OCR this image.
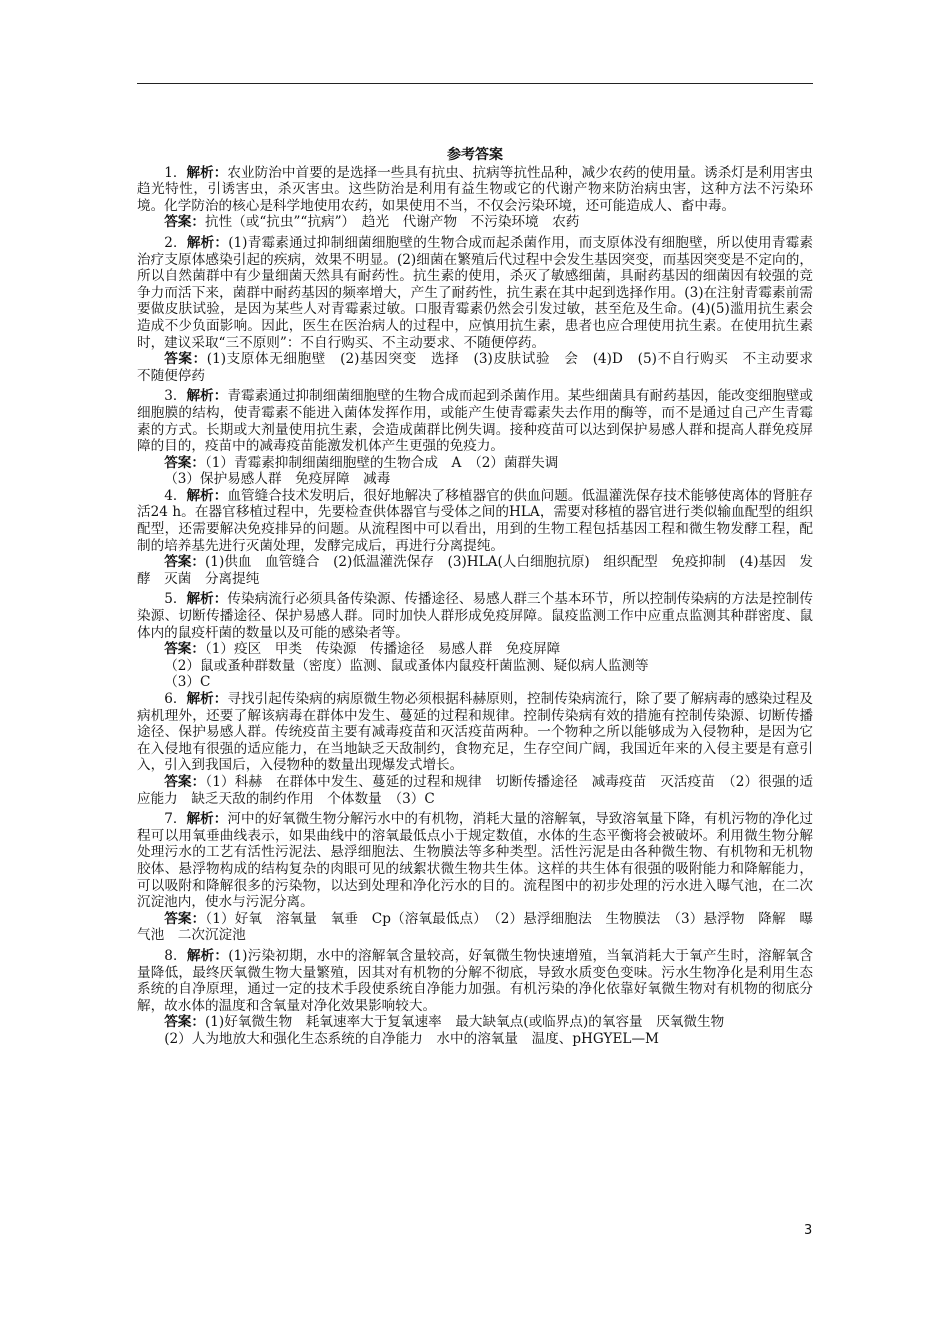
参考答案

1．解析：农业防治中首要的是选择一些具有抗虫、抗病等抗性品种，减少农药的使用量。诱杀灯是利用害虫趋光特性，引诱害虫，杀灭害虫。这些防治是利用有益生物或它的代谢产物来防治病虫害，这种方法不污染环境。化学防治的核心是科学地使用农药，如果使用不当，不仅会污染环境，还可能造成人、畜中毒。

答案：抗性（或“抗虫”“抗病”）　趋光　代谢产物　不污染环境　农药

2．解析：(1)青霉素通过抑制细菌细胞壁的生物合成而起杀菌作用，而支原体没有细胞壁，所以使用青霉素治疗支原体感染引起的疾病，效果不明显。(2)细菌在繁殖后代过程中会发生基因突变，而基因突变是不定向的，所以自然菌群中有少量细菌天然具有耐药性。抗生素的使用，杀灭了敏感细菌，具耐药基因的细菌因有较强的竞争力而活下来，菌群中耐药基因的频率增大，产生了耐药性，抗生素在其中起到选择作用。(3)在注射青霉素前需要做皮肤试验，是因为某些人对青霉素过敏。口服青霉素仍然会引发过敏，甚至危及生命。(4)(5)滥用抗生素会造成不少负面影响。因此，医生在医治病人的过程中，应慎用抗生素，患者也应合理使用抗生素。在使用抗生素时，建议采取“三不原则”：不自行购买、不主动要求、不随便停药。

答案：(1)支原体无细胞壁　(2)基因突变　选择　(3)皮肤试验　会　(4)D　(5)不自行购买　不主动要求　不随便停药

3．解析：青霉素通过抑制细菌细胞壁的生物合成而起到杀菌作用。某些细菌具有耐药基因，能改变细胞壁或细胞膜的结构，使青霉素不能进入菌体发挥作用，或能产生使青霉素失去作用的酶等，而不是通过自己产生青霉素的方式。长期或大剂量使用抗生素，会造成菌群比例失调。接种疫苗可以达到保护易感人群和提高人群免疫屏障的目的，疫苗中的减毒疫苗能激发机体产生更强的免疫力。

答案：（1）青霉素抑制细菌细胞壁的生物合成　A　（2）菌群失调

（3）保护易感人群　免疫屏障　减毒

4．解析：血管缝合技术发明后，很好地解决了移植器官的供血问题。低温灌洗保存技术能够使离体的肾脏存活24 h。在器官移植过程中，先要检查供体器官与受体之间的HLA，需要对移植的器官进行类似输血配型的组织配型，还需要解决免疫排异的问题。从流程图中可以看出，用到的生物工程包括基因工程和微生物发酵工程，配制的培养基先进行灭菌处理，发酵完成后，再进行分离提纯。

答案：(1)供血　血管缝合　(2)低温灌洗保存　(3)HLA(人白细胞抗原)　组织配型　免疫抑制　(4)基因　发酵　灭菌　分离提纯

5．解析：传染病流行必须具备传染源、传播途径、易感人群三个基本环节，所以控制传染病的方法是控制传染源、切断传播途径、保护易感人群。同时加快人群形成免疫屏障。鼠疫监测工作中应重点监测其种群密度、鼠体内的鼠疫杆菌的数量以及可能的感染者等。

答案：（1）疫区　甲类　传染源　传播途径　易感人群　免疫屏障

（2）鼠或蚤种群数量（密度）监测、鼠或蚤体内鼠疫杆菌监测、疑似病人监测等

（3）C

6．解析：寻找引起传染病的病原微生物必须根据科赫原则，控制传染病流行，除了要了解病毒的感染过程及病机理外，还要了解该病毒在群体中发生、蔓延的过程和规律。控制传染病有效的措施有控制传染源、切断传播途径、保护易感人群。传统疫苗主要有减毒疫苗和灭活疫苗两种。一个物种之所以能够成为入侵物种，是因为它在入侵地有很强的适应能力，在当地缺乏天敌制约，食物充足，生存空间广阔，我国近年来的入侵主要是有意引入，引入到我国后，入侵物种的数量出现爆发式增长。

答案：（1）科赫　在群体中发生、蔓延的过程和规律　切断传播途径　减毒疫苗　灭活疫苗　（2）很强的适应能力　缺乏天敌的制约作用　个体数量　（3）C

7．解析：河中的好氧微生物分解污水中的有机物，消耗大量的溶解氧，导致溶氧量下降，有机污物的净化过程可以用氧垂曲线表示，如果曲线中的溶氧最低点小于规定数值，水体的生态平衡将会被破坏。利用微生物分解处理污水的工艺有活性污泥法、悬浮细胞法、生物膜法等多种类型。活性污泥是由各种微生物、有机物和无机物胶体、悬浮物构成的结构复杂的肉眼可见的绒絮状微生物共生体。这样的共生体有很强的吸附能力和降解能力，可以吸附和降解很多的污染物，以达到处理和净化污水的目的。流程图中的初步处理的污水进入曝气池，在二次沉淀池内，使水与污泥分离。

答案：（1）好氧　溶氧量　氧垂　Cp（溶氧最低点）　（2）悬浮细胞法　生物膜法　（3）悬浮物　降解　曝气池　二次沉淀池

8．解析：(1)污染初期，水中的溶解氧含量较高，好氧微生物快速增殖，当氧消耗大于氧产生时，溶解氧含量降低，最终厌氧微生物大量繁殖，因其对有机物的分解不彻底，导致水质变色变味。污水生物净化是利用生态系统的自净原理，通过一定的技术手段使系统自净能力加强。有机污染的净化依靠好氧微生物对有机物的彻底分解，故水体的温度和含氧量对净化效果影响较大。

答案：(1)好氧微生物　耗氧速率大于复氧速率　最大缺氧点(或临界点)的氧容量　厌氧微生物

(2）人为地放大和强化生态系统的自净能力　水中的溶氧量　温度、pHGYEL—M

3
